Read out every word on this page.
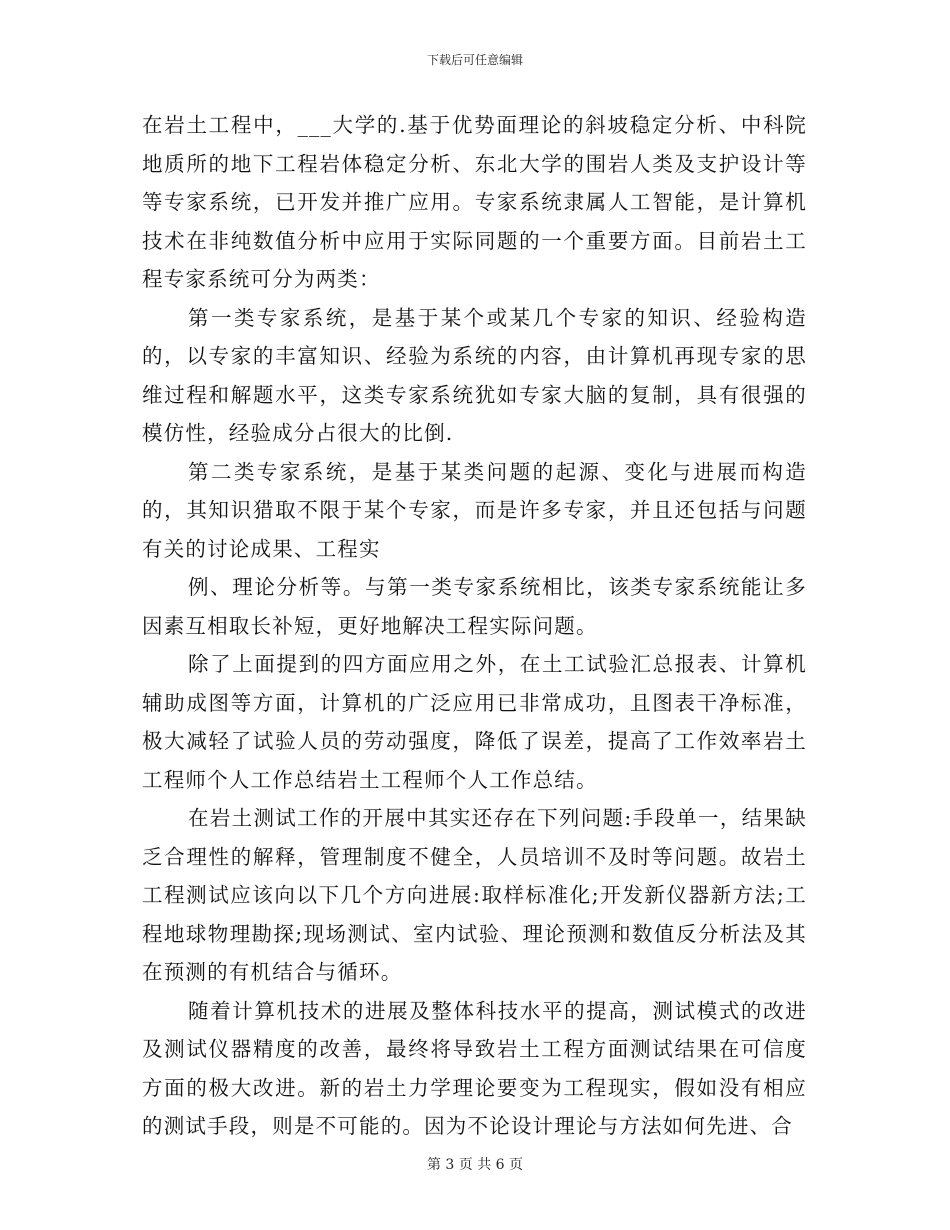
下载后可任意编辑

在岩土工程中，___大学的.基于优势面理论的斜坡稳定分析、中科院地质所的地下工程岩体稳定分析、东北大学的围岩人类及支护设计等等专家系统，已开发并推广应用。专家系统隶属人工智能，是计算机技术在非纯数值分析中应用于实际同题的一个重要方面。目前岩土工程专家系统可分为两类：

第一类专家系统，是基于某个或某几个专家的知识、经验构造的，以专家的丰富知识、经验为系统的内容，由计算机再现专家的思维过程和解题水平，这类专家系统犹如专家大脑的复制，具有很强的模仿性，经验成分占很大的比倒.

第二类专家系统，是基于某类问题的起源、变化与进展而构造的，其知识猎取不限于某个专家，而是许多专家，并且还包括与问题有关的讨论成果、工程实

例、理论分析等。与第一类专家系统相比，该类专家系统能让多因素互相取长补短，更好地解决工程实际问题。

除了上面提到的四方面应用之外，在土工试验汇总报表、计算机辅助成图等方面，计算机的广泛应用已非常成功，且图表干净标准，极大减轻了试验人员的劳动强度，降低了误差，提高了工作效率岩土工程师个人工作总结岩土工程师个人工作总结。

在岩土测试工作的开展中其实还存在下列问题:手段单一，结果缺乏合理性的解释，管理制度不健全，人员培训不及时等问题。故岩土工程测试应该向以下几个方向进展:取样标准化;开发新仪器新方法;工程地球物理勘探;现场测试、室内试验、理论预测和数值反分析法及其在预测的有机结合与循环。

随着计算机技术的进展及整体科技水平的提高，测试模式的改进及测试仪器精度的改善，最终将导致岩土工程方面测试结果在可信度方面的极大改进。新的岩土力学理论要变为工程现实，假如没有相应的测试手段，则是不可能的。因为不论设计理论与方法如何先进、合

第 3 页 共 6 页
